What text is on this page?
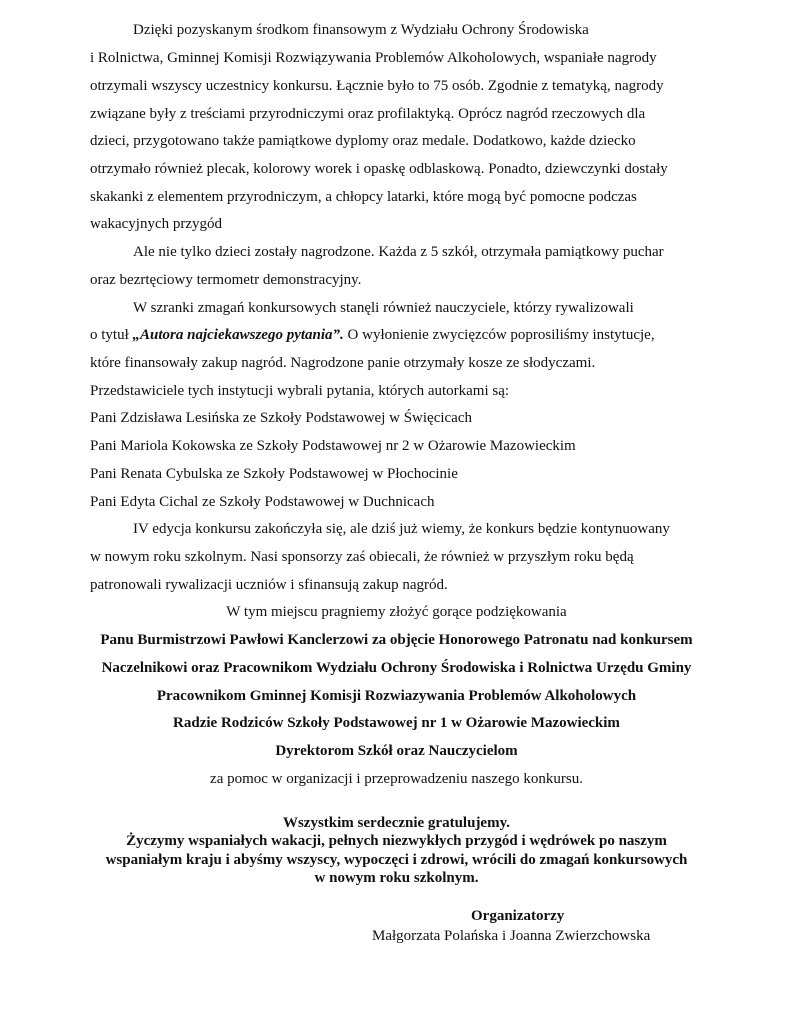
Dzięki pozyskanym środkom finansowym z Wydziału Ochrony Środowiska

i Rolnictwa, Gminnej Komisji Rozwiązywania Problemów Alkoholowych, wspaniałe nagrody

otrzymali wszyscy uczestnicy konkursu. Łącznie było to 75 osób. Zgodnie z tematyką, nagrody

związane były z treściami przyrodniczymi oraz profilaktyką. Oprócz nagród rzeczowych dla

dzieci, przygotowano także pamiątkowe dyplomy oraz medale. Dodatkowo, każde dziecko

otrzymało również plecak, kolorowy worek i opaskę odblaskową. Ponadto, dziewczynki dostały

skakanki z elementem przyrodniczym, a chłopcy latarki, które mogą być pomocne podczas

wakacyjnych przygód

Ale nie tylko dzieci zostały nagrodzone. Każda z 5 szkół, otrzymała pamiątkowy puchar

oraz bezrtęciowy termometr demonstracyjny.

W szranki zmagań konkursowych stanęli również nauczyciele, którzy rywalizowali

o tytuł „Autora najciekawszego pytania”. O wyłonienie zwycięzców poprosiliśmy instytucje,

które finansowały zakup nagród. Nagrodzone panie otrzymały kosze ze słodyczami.

Przedstawiciele tych instytucji wybrali pytania, których autorkami są:

Pani Zdzisława Lesińska ze Szkoły Podstawowej w Święcicach

Pani Mariola Kokowska ze Szkoły Podstawowej nr 2 w Ożarowie Mazowieckim

Pani Renata Cybulska ze Szkoły Podstawowej w Płochocinie

Pani Edyta Cichal ze Szkoły Podstawowej w Duchnicach

IV edycja konkursu zakończyła się, ale dziś już wiemy, że konkurs będzie kontynuowany

w nowym roku szkolnym. Nasi sponsorzy zaś obiecali, że również w przyszłym roku będą

patronowali rywalizacji uczniów i sfinansują zakup nagród.

W tym miejscu pragniemy złożyć gorące podziękowania

Panu Burmistrzowi Pawłowi Kanclerzowi za objęcie Honorowego Patronatu nad konkursem

Naczelnikowi oraz Pracownikom Wydziału Ochrony Środowiska i Rolnictwa Urzędu Gminy

Pracownikom Gminnej Komisji Rozwiazywania Problemów Alkoholowych

Radzie Rodziców Szkoły Podstawowej nr 1 w Ożarowie Mazowieckim

Dyrektorom Szkół oraz Nauczycielom

za pomoc w organizacji i przeprowadzeniu naszego konkursu.

Wszystkim serdecznie gratulujemy.

Życzymy wspaniałych wakacji, pełnych niezwykłych przygód i wędrówek po naszym

wspaniałym kraju i abyśmy wszyscy, wypoczęci i zdrowi, wrócili do zmagań konkursowych

w nowym roku szkolnym.

Organizatorzy

Małgorzata Polańska i Joanna Zwierzchowska
